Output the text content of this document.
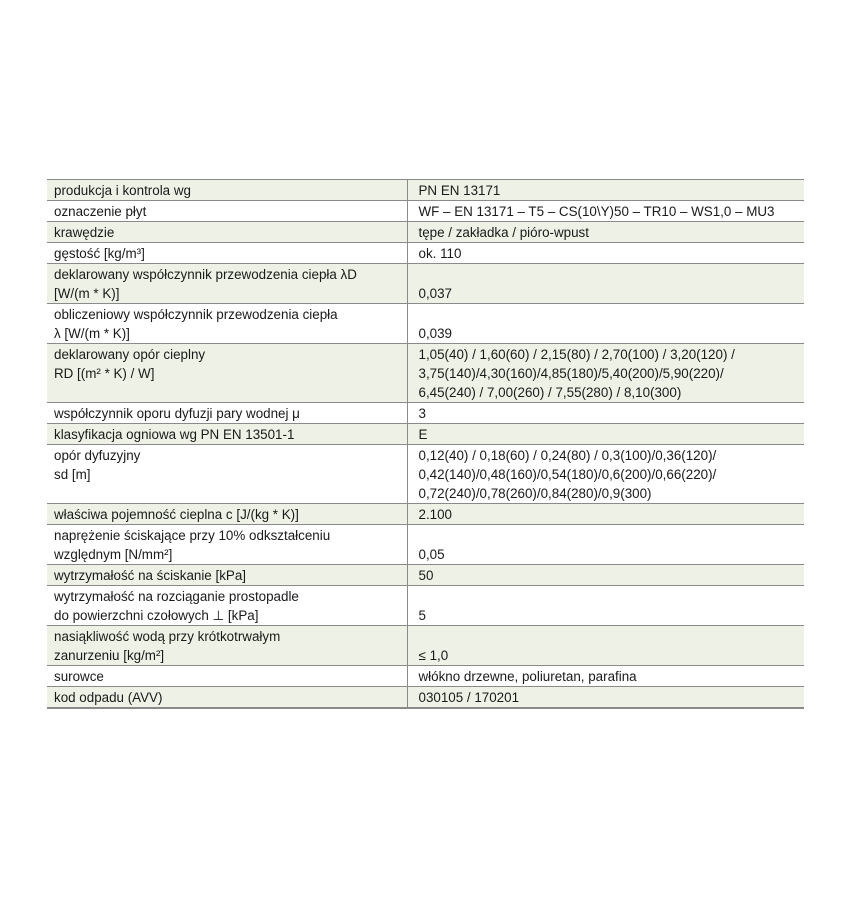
produkcja i kontrola wg	PN EN 13171

oznaczenie płyt	WF – EN 13171 – T5 – CS(10\Y)50 – TR10 – WS1,0 – MU3

krawędzie	tępe / zakładka / pióro-wpust

gęstość [kg/m³]	ok. 110

deklarowany współczynnik przewodzenia ciepła λD
[W/(m * K)]	0,037

obliczeniowy współczynnik przewodzenia ciepła
λ [W/(m * K)]	0,039

deklarowany opór cieplny
RD [(m² * K) / W]	1,05(40) / 1,60(60) / 2,15(80) / 2,70(100) / 3,20(120) /
3,75(140)/4,30(160)/4,85(180)/5,40(200)/5,90(220)/
6,45(240) / 7,00(260) / 7,55(280) / 8,10(300)

współczynnik oporu dyfuzji pary wodnej μ	3

klasyfikacja ogniowa wg PN EN 13501-1	E

opór dyfuzyjny
sd [m]	0,12(40) / 0,18(60) / 0,24(80) / 0,3(100)/0,36(120)/
0,42(140)/0,48(160)/0,54(180)/0,6(200)/0,66(220)/
0,72(240)/0,78(260)/0,84(280)/0,9(300)

właściwa pojemność cieplna c [J/(kg * K)]	2.100

naprężenie ściskające przy 10% odkształceniu
względnym [N/mm²]	0,05

wytrzymałość na ściskanie [kPa]	50

wytrzymałość na rozciąganie prostopadle
do powierzchni czołowych ⊥ [kPa]	5

nasiąkliwość wodą przy krótkotrwałym
zanurzeniu [kg/m²]	≤ 1,0

surowce	włókno drzewne, poliuretan, parafina

kod odpadu (AVV)	030105 / 170201
